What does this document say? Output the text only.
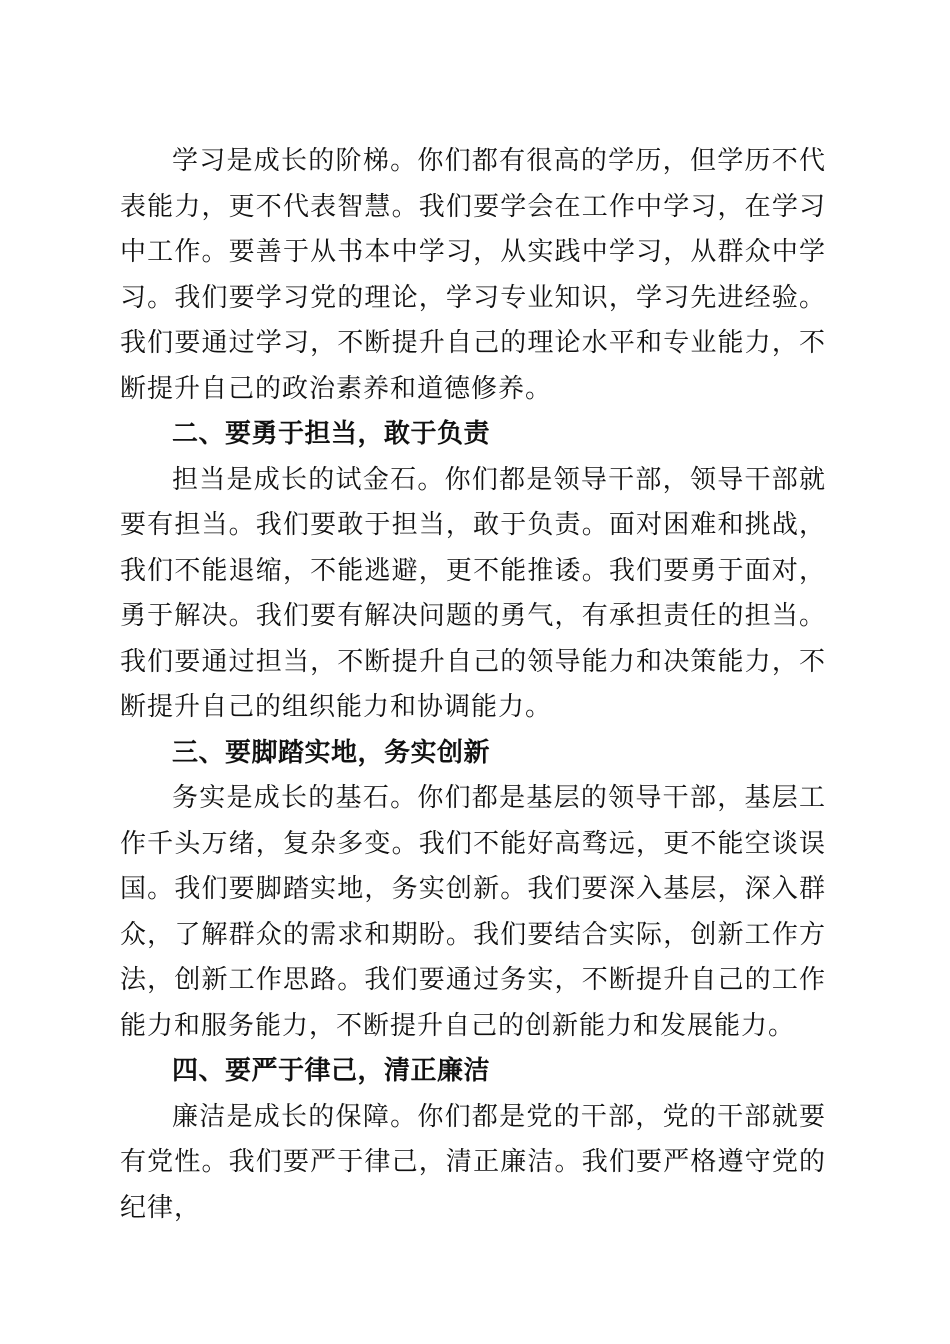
学习是成长的阶梯。你们都有很高的学历，但学历不代表能力，更不代表智慧。我们要学会在工作中学习，在学习中工作。要善于从书本中学习，从实践中学习，从群众中学习。我们要学习党的理论，学习专业知识，学习先进经验。我们要通过学习，不断提升自己的理论水平和专业能力，不断提升自己的政治素养和道德修养。

二、要勇于担当，敢于负责

担当是成长的试金石。你们都是领导干部，领导干部就要有担当。我们要敢于担当，敢于负责。面对困难和挑战，我们不能退缩，不能逃避，更不能推诿。我们要勇于面对，勇于解决。我们要有解决问题的勇气，有承担责任的担当。我们要通过担当，不断提升自己的领导能力和决策能力，不断提升自己的组织能力和协调能力。

三、要脚踏实地，务实创新

务实是成长的基石。你们都是基层的领导干部，基层工作千头万绪，复杂多变。我们不能好高骛远，更不能空谈误国。我们要脚踏实地，务实创新。我们要深入基层，深入群众，了解群众的需求和期盼。我们要结合实际，创新工作方法，创新工作思路。我们要通过务实，不断提升自己的工作能力和服务能力，不断提升自己的创新能力和发展能力。

四、要严于律己，清正廉洁

廉洁是成长的保障。你们都是党的干部，党的干部就要有党性。我们要严于律己，清正廉洁。我们要严格遵守党的纪律，
